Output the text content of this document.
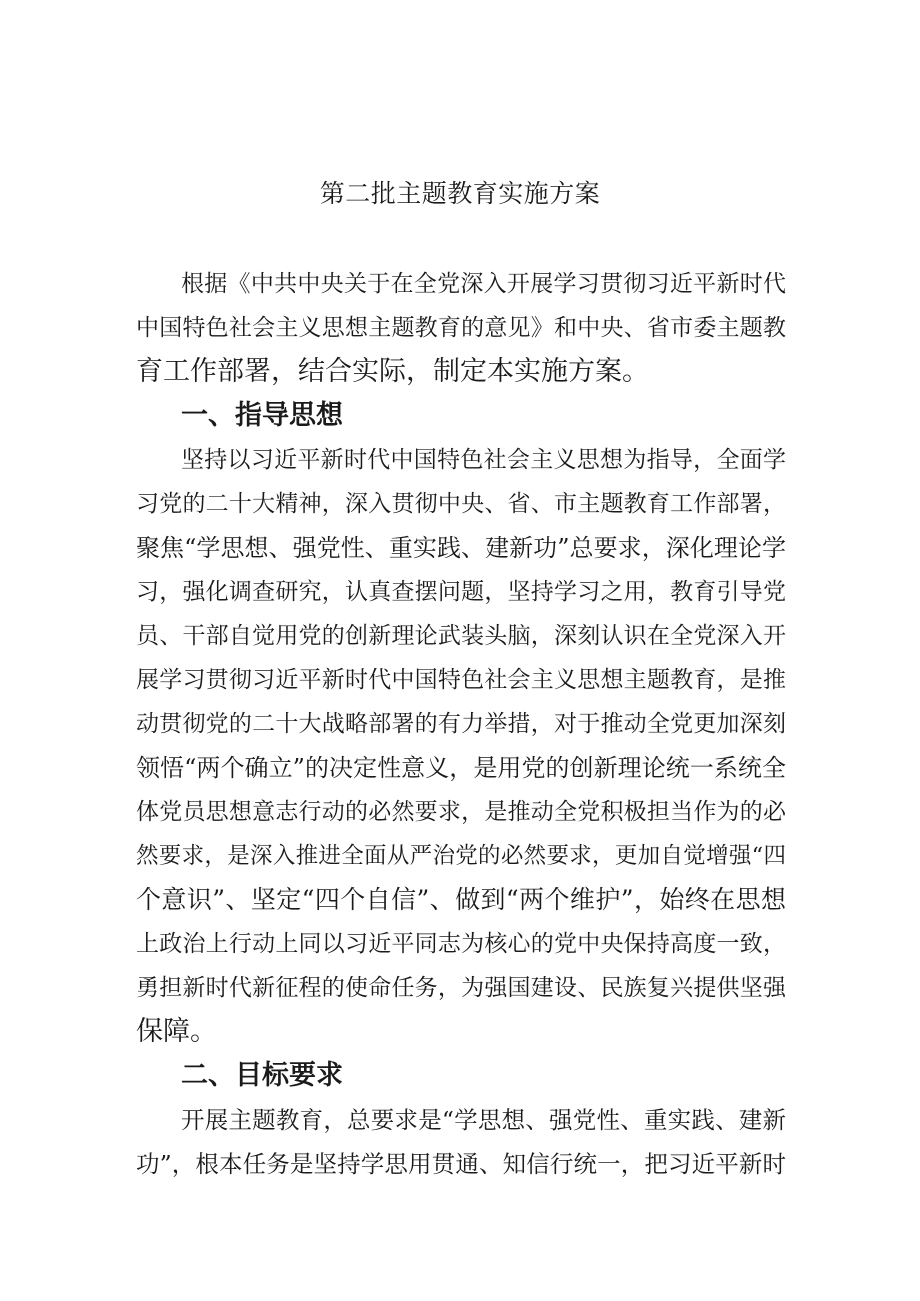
第二批主题教育实施方案

根据《中共中央关于在全党深入开展学习贯彻习近平新时代

中国特色社会主义思想主题教育的意见》和中央、省市委主题教

育工作部署，结合实际，制定本实施方案。

一、指导思想

坚持以习近平新时代中国特色社会主义思想为指导，全面学

习党的二十大精神，深入贯彻中央、省、市主题教育工作部署，

聚焦“学思想、强党性、重实践、建新功”总要求，深化理论学

习，强化调查研究，认真查摆问题，坚持学习之用，教育引导党

员、干部自觉用党的创新理论武装头脑，深刻认识在全党深入开

展学习贯彻习近平新时代中国特色社会主义思想主题教育，是推

动贯彻党的二十大战略部署的有力举措，对于推动全党更加深刻

领悟“两个确立”的决定性意义，是用党的创新理论统一系统全

体党员思想意志行动的必然要求，是推动全党积极担当作为的必

然要求，是深入推进全面从严治党的必然要求，更加自觉增强“四

个意识”、坚定“四个自信”、做到“两个维护”，始终在思想

上政治上行动上同以习近平同志为核心的党中央保持高度一致，

勇担新时代新征程的使命任务，为强国建设、民族复兴提供坚强

保障。

二、目标要求

开展主题教育，总要求是“学思想、强党性、重实践、建新

功”，根本任务是坚持学思用贯通、知信行统一，把习近平新时
